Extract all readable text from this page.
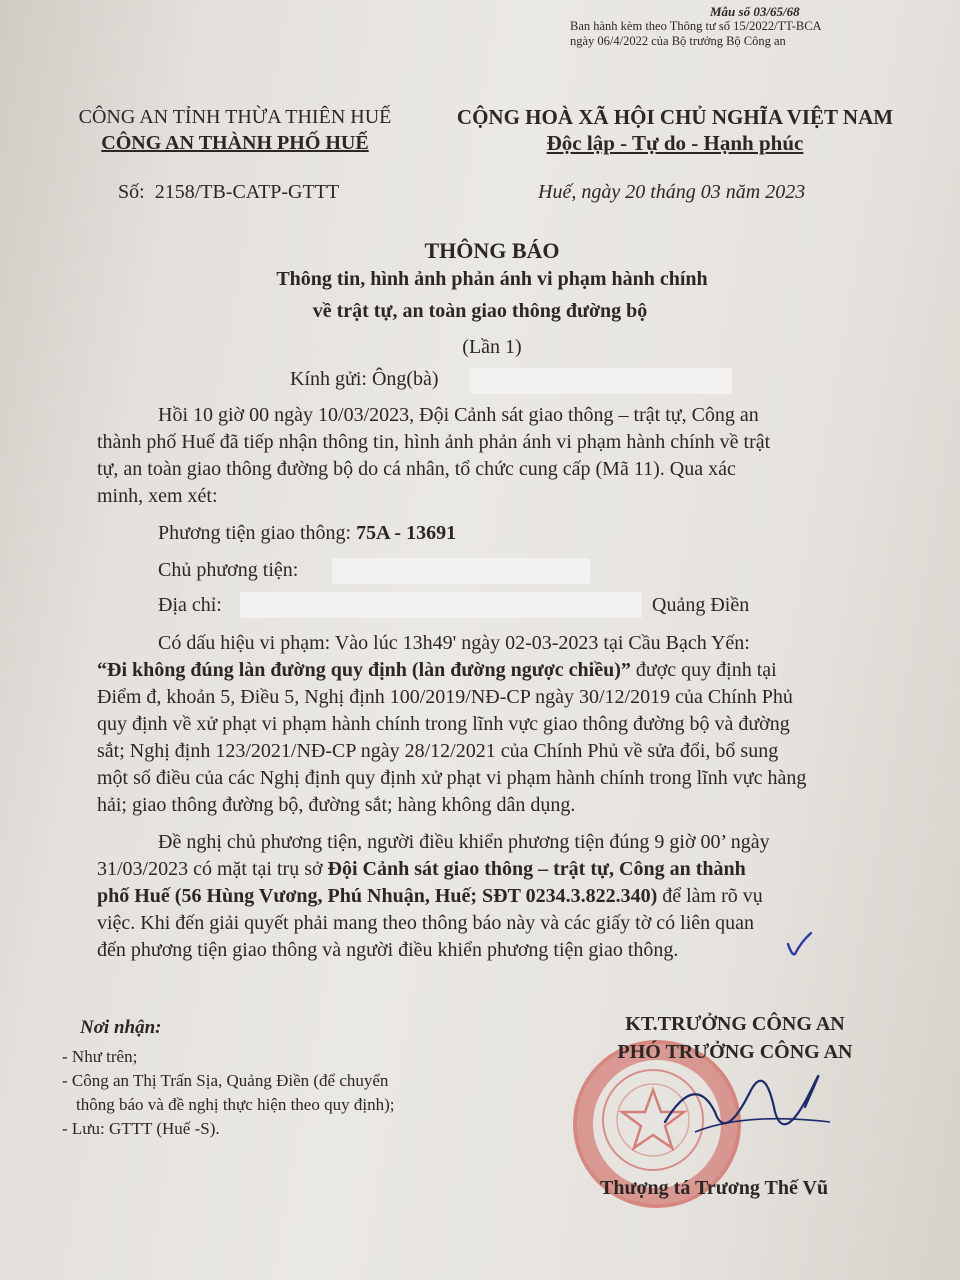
Mẫu số 03/65/68
Ban hành kèm theo Thông tư số 15/2022/TT-BCA
ngày 06/4/2022 của Bộ trưởng Bộ Công an
CÔNG AN TỈNH THỪA THIÊN HUẾ
CÔNG AN THÀNH PHỐ HUẾ
Số: 2158/TB-CATP-GTTT
CỘNG HOÀ XÃ HỘI CHỦ NGHĨA VIỆT NAM
Độc lập - Tự do - Hạnh phúc
Huế, ngày 20 tháng 03 năm 2023
THÔNG BÁO
Thông tin, hình ảnh phản ánh vi phạm hành chính
về trật tự, an toàn giao thông đường bộ
(Lần 1)
Kính gửi: Ông(bà)
Hồi 10 giờ 00 ngày 10/03/2023, Đội Cảnh sát giao thông – trật tự, Công an
thành phố Huế đã tiếp nhận thông tin, hình ảnh phản ánh vi phạm hành chính về trật
tự, an toàn giao thông đường bộ do cá nhân, tổ chức cung cấp (Mã 11). Qua xác
minh, xem xét:
Phương tiện giao thông: 75A - 13691
Chủ phương tiện:
Địa chỉ:	Quảng Điền
Có dấu hiệu vi phạm: Vào lúc 13h49' ngày 02-03-2023 tại Cầu Bạch Yến:
“Đi không đúng làn đường quy định (làn đường ngược chiều)” được quy định tại
Điểm đ, khoản 5, Điều 5, Nghị định 100/2019/NĐ-CP ngày 30/12/2019 của Chính Phủ
quy định về xử phạt vi phạm hành chính trong lĩnh vực giao thông đường bộ và đường
sắt; Nghị định 123/2021/NĐ-CP ngày 28/12/2021 của Chính Phủ về sửa đổi, bổ sung
một số điều của các Nghị định quy định xử phạt vi phạm hành chính trong lĩnh vực hàng
hải; giao thông đường bộ, đường sắt; hàng không dân dụng.
Đề nghị chủ phương tiện, người điều khiển phương tiện đúng 9 giờ 00’ ngày
31/03/2023 có mặt tại trụ sở Đội Cảnh sát giao thông – trật tự, Công an thành
phố Huế (56 Hùng Vương, Phú Nhuận, Huế; SĐT 0234.3.822.340) để làm rõ vụ
việc. Khi đến giải quyết phải mang theo thông báo này và các giấy tờ có liên quan
đến phương tiện giao thông và người điều khiển phương tiện giao thông.
Nơi nhận:
- Như trên;
- Công an Thị Trấn Sịa, Quảng Điền (để chuyển
thông báo và đề nghị thực hiện theo quy định);
- Lưu: GTTT (Huế -S).
KT.TRƯỞNG CÔNG AN
PHÓ TRƯỞNG CÔNG AN
Thượng tá Trương Thế Vũ
